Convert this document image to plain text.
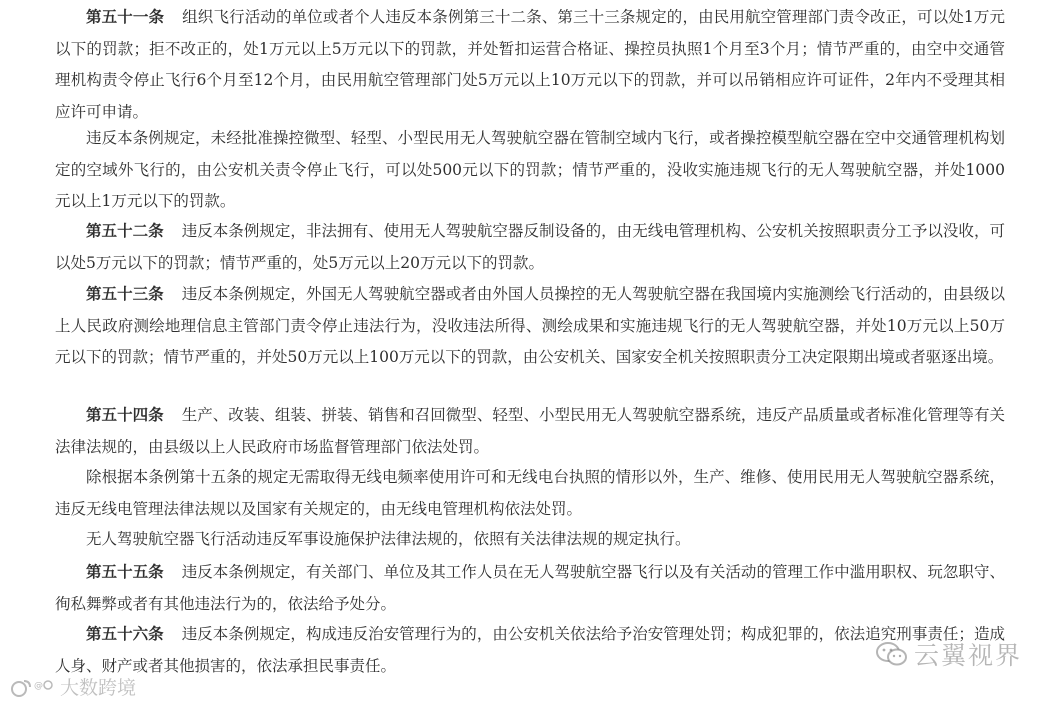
第五十一条 组织飞行活动的单位或者个人违反本条例第三十二条、第三十三条规定的，由民用航空管理部门责令改正，可以处1万元以下的罚款；拒不改正的，处1万元以上5万元以下的罚款，并处暂扣运营合格证、操控员执照1个月至3个月；情节严重的，由空中交通管理机构责令停止飞行6个月至12个月，由民用航空管理部门处5万元以上10万元以下的罚款，并可以吊销相应许可证件，2年内不受理其相应许可申请。

违反本条例规定，未经批准操控微型、轻型、小型民用无人驾驶航空器在管制空域内飞行，或者操控模型航空器在空中交通管理机构划定的空域外飞行的，由公安机关责令停止飞行，可以处500元以下的罚款；情节严重的，没收实施违规飞行的无人驾驶航空器，并处1000元以上1万元以下的罚款。

第五十二条 违反本条例规定，非法拥有、使用无人驾驶航空器反制设备的，由无线电管理机构、公安机关按照职责分工予以没收，可以处5万元以下的罚款；情节严重的，处5万元以上20万元以下的罚款。

第五十三条 违反本条例规定，外国无人驾驶航空器或者由外国人员操控的无人驾驶航空器在我国境内实施测绘飞行活动的，由县级以上人民政府测绘地理信息主管部门责令停止违法行为，没收违法所得、测绘成果和实施违规飞行的无人驾驶航空器，并处10万元以上50万元以下的罚款；情节严重的，并处50万元以上100万元以下的罚款，由公安机关、国家安全机关按照职责分工决定限期出境或者驱逐出境。

第五十四条 生产、改装、组装、拼装、销售和召回微型、轻型、小型民用无人驾驶航空器系统，违反产品质量或者标准化管理等有关法律法规的，由县级以上人民政府市场监督管理部门依法处罚。

除根据本条例第十五条的规定无需取得无线电频率使用许可和无线电台执照的情形以外，生产、维修、使用民用无人驾驶航空器系统，违反无线电管理法律法规以及国家有关规定的，由无线电管理机构依法处罚。

无人驾驶航空器飞行活动违反军事设施保护法律法规的，依照有关法律法规的规定执行。

第五十五条 违反本条例规定，有关部门、单位及其工作人员在无人驾驶航空器飞行以及有关活动的管理工作中滥用职权、玩忽职守、徇私舞弊或者有其他违法行为的，依法给予处分。

第五十六条 违反本条例规定，构成违反治安管理行为的，由公安机关依法给予治安管理处罚；构成犯罪的，依法追究刑事责任；造成人身、财产或者其他损害的，依法承担民事责任。	云翼视界
@ 大数跨境
